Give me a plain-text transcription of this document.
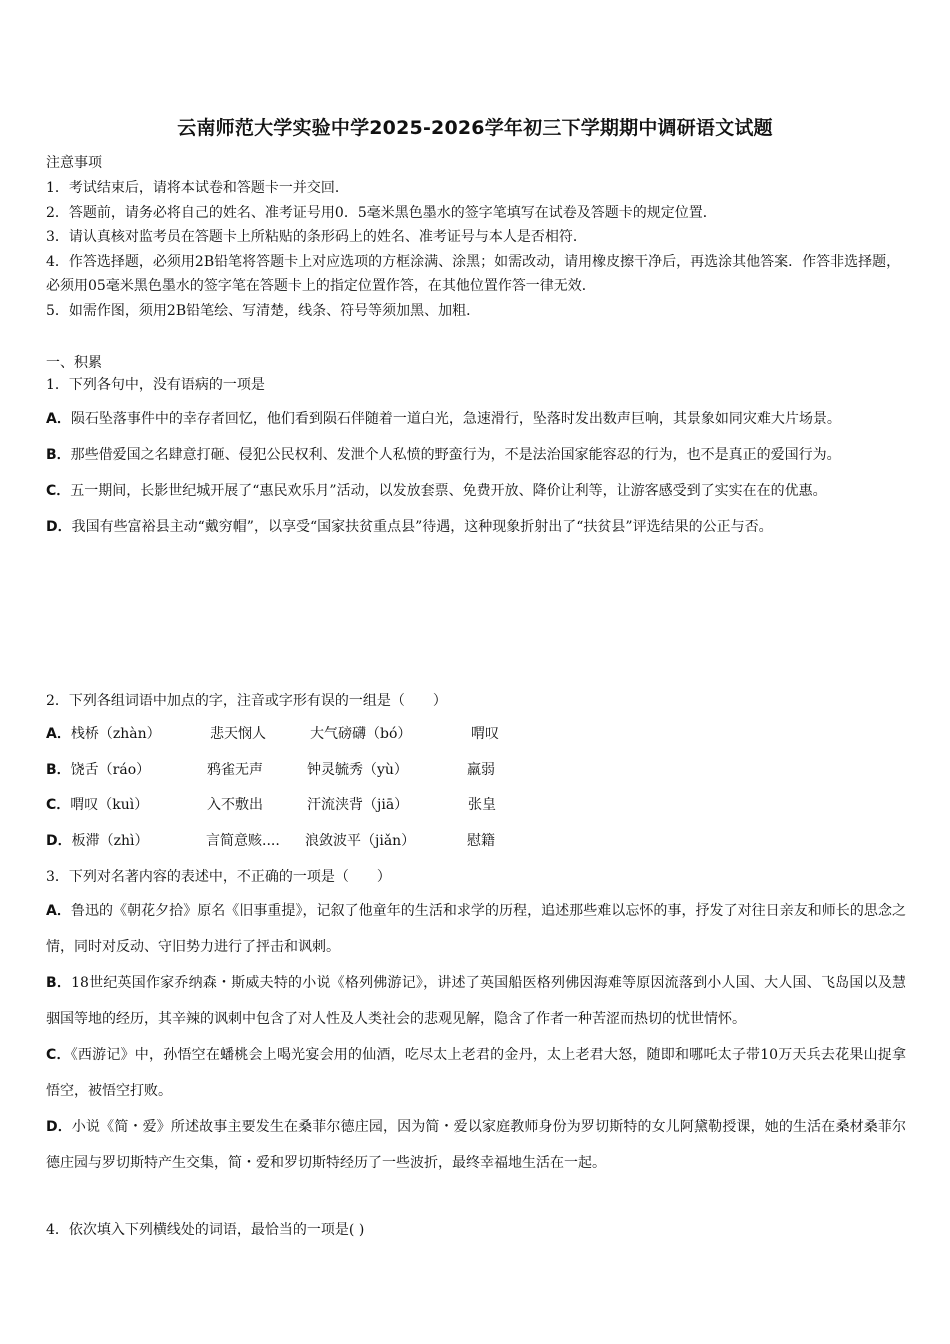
云南师范大学实验中学2025-2026学年初三下学期期中调研语文试题
注意事项
1．考试结束后，请将本试卷和答题卡一并交回．
2．答题前，请务必将自己的姓名、准考证号用0．5毫米黑色墨水的签字笔填写在试卷及答题卡的规定位置．
3．请认真核对监考员在答题卡上所粘贴的条形码上的姓名、准考证号与本人是否相符．
4．作答选择题，必须用2B铅笔将答题卡上对应选项的方框涂满、涂黑；如需改动，请用橡皮擦干净后，再选涂其他答案．作答非选择题，必须用05毫米黑色墨水的签字笔在答题卡上的指定位置作答，在其他位置作答一律无效．
5．如需作图，须用2B铅笔绘、写清楚，线条、符号等须加黑、加粗．
一、积累
1．下列各句中，没有语病的一项是
A．陨石坠落事件中的幸存者回忆，他们看到陨石伴随着一道白光，急速滑行，坠落时发出数声巨响，其景象如同灾难大片场景。
B．那些借爱国之名肆意打砸、侵犯公民权利、发泄个人私愤的野蛮行为，不是法治国家能容忍的行为，也不是真正的爱国行为。
C．五一期间，长影世纪城开展了“惠民欢乐月”活动，以发放套票、免费开放、降价让利等，让游客感受到了实实在在的优惠。
D．我国有些富裕县主动“戴穷帽”，以享受“国家扶贫重点县”待遇，这种现象折射出了“扶贫县”评选结果的公正与否。
2．下列各组词语中加点的字，注音或字形有误的一组是（　　）
A．栈桥（zhàn）	悲天悯人	大气磅礴（bó）	喟叹
B．饶舌（ráo）	鸦雀无声	钟灵毓秀（yù）	羸弱
C．喟叹（kuì）	入不敷出	汗流浃背（jiā）	张皇
D．板滞（zhì）	言简意赅.... 浪敛波平（jiǎn）	慰籍
3．下列对名著内容的表述中，不正确的一项是（　　）
A．鲁迅的《朝花夕拾》原名《旧事重提》，记叙了他童年的生活和求学的历程，追述那些难以忘怀的事，抒发了对往日亲友和师长的思念之情，同时对反动、守旧势力进行了抨击和讽刺。
B．18世纪英国作家乔纳森・斯威夫特的小说《格列佛游记》，讲述了英国船医格列佛因海难等原因流落到小人国、大人国、飞岛国以及慧骃国等地的经历，其辛辣的讽刺中包含了对人性及人类社会的悲观见解，隐含了作者一种苦涩而热切的忧世情怀。
C．《西游记》中，孙悟空在蟠桃会上喝光宴会用的仙酒，吃尽太上老君的金丹，太上老君大怒，随即和哪吒太子带10万天兵去花果山捉拿悟空，被悟空打败。
D．小说《简・爱》所述故事主要发生在桑菲尔德庄园，因为简・爱以家庭教师身份为罗切斯特的女儿阿黛勒授课，她的生活在桑材桑菲尔德庄园与罗切斯特产生交集，简・爱和罗切斯特经历了一些波折，最终幸福地生活在一起。
4．依次填入下列横线处的词语，最恰当的一项是( )
